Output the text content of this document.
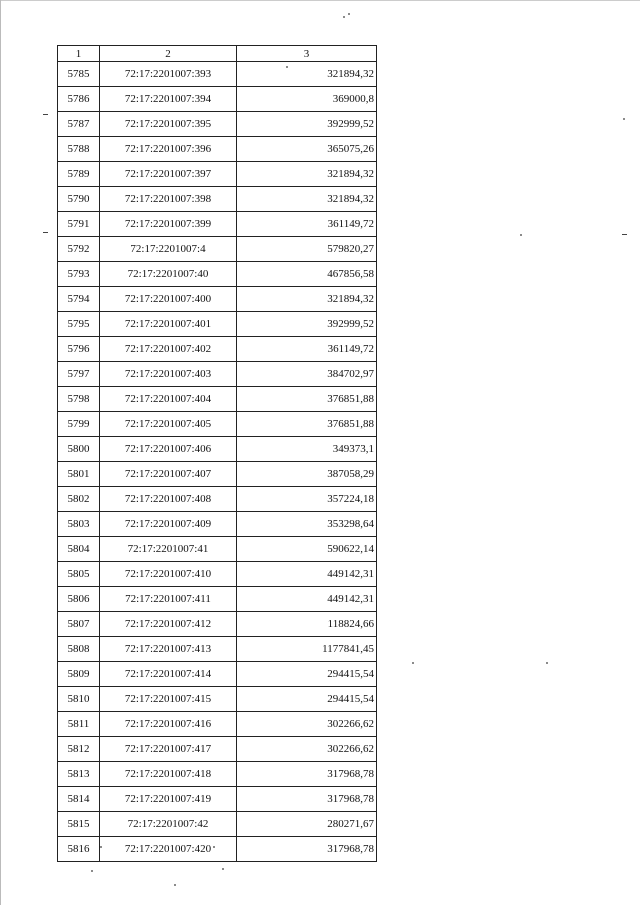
1	2	3
5785	72:17:2201007:393	321894,32
5786	72:17:2201007:394	369000,8
5787	72:17:2201007:395	392999,52
5788	72:17:2201007:396	365075,26
5789	72:17:2201007:397	321894,32
5790	72:17:2201007:398	321894,32
5791	72:17:2201007:399	361149,72
5792	72:17:2201007:4	579820,27
5793	72:17:2201007:40	467856,58
5794	72:17:2201007:400	321894,32
5795	72:17:2201007:401	392999,52
5796	72:17:2201007:402	361149,72
5797	72:17:2201007:403	384702,97
5798	72:17:2201007:404	376851,88
5799	72:17:2201007:405	376851,88
5800	72:17:2201007:406	349373,1
5801	72:17:2201007:407	387058,29
5802	72:17:2201007:408	357224,18
5803	72:17:2201007:409	353298,64
5804	72:17:2201007:41	590622,14
5805	72:17:2201007:410	449142,31
5806	72:17:2201007:411	449142,31
5807	72:17:2201007:412	118824,66
5808	72:17:2201007:413	1177841,45
5809	72:17:2201007:414	294415,54
5810	72:17:2201007:415	294415,54
5811	72:17:2201007:416	302266,62
5812	72:17:2201007:417	302266,62
5813	72:17:2201007:418	317968,78
5814	72:17:2201007:419	317968,78
5815	72:17:2201007:42	280271,67
5816	72:17:2201007:420	317968,78
